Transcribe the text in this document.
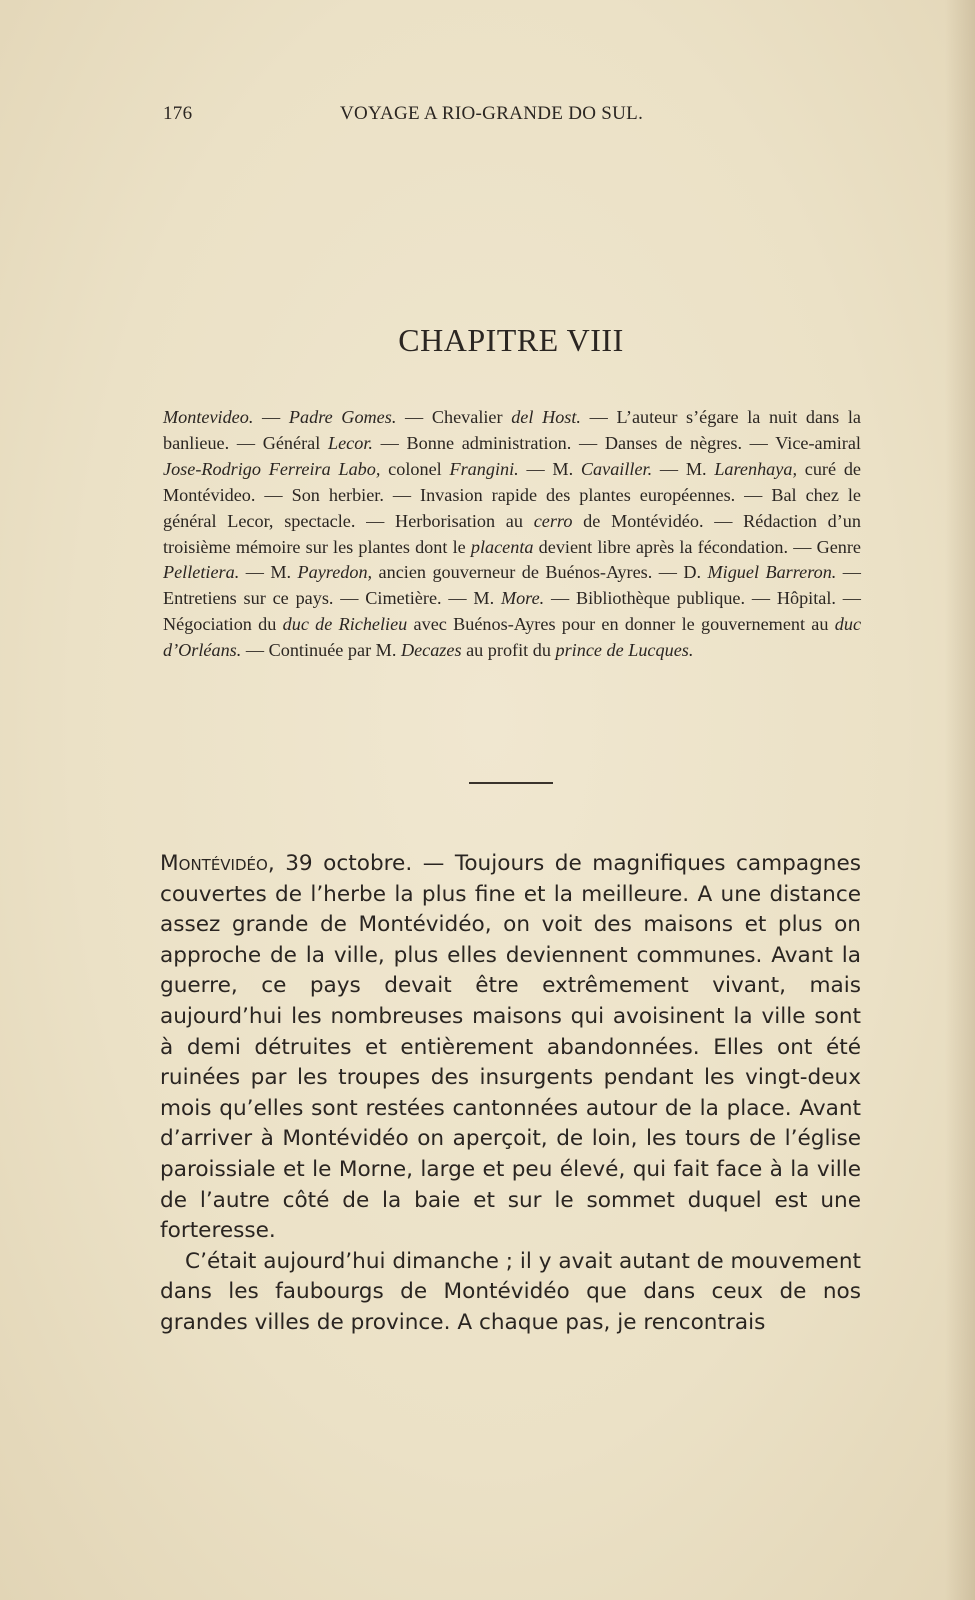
176	VOYAGE A RIO-GRANDE DO SUL.
CHAPITRE VIII

Montevideo. — Padre Gomes. — Chevalier del Host. — L’auteur s’égare la nuit dans la banlieue. — Général Lecor. — Bonne administration. — Danses de nègres. — Vice-amiral Jose-Rodrigo Ferreira Labo, colonel Frangini. — M. Cavailler. — M. Larenhaya, curé de Montévideo. — Son herbier. — Invasion rapide des plantes européennes. — Bal chez le général Lecor, spectacle. — Herborisation au cerro de Montévidéo. — Rédaction d’un troisième mémoire sur les plantes dont le placenta devient libre après la fécondation. — Genre Pelletiera. — M. Payredon, ancien gouverneur de Buénos-Ayres. — D. Miguel Barreron. — Entretiens sur ce pays. — Cimetière. — M. More. — Bibliothèque publique. — Hôpital. — Négociation du duc de Richelieu avec Buénos-Ayres pour en donner le gouvernement au duc d’Orléans. — Continuée par M. Decazes au profit du prince de Lucques.

Montévidéo, 39 octobre. — Toujours de magnifiques campagnes couvertes de l’herbe la plus fine et la meilleure. A une distance assez grande de Montévidéo, on voit des maisons et plus on approche de la ville, plus elles deviennent communes. Avant la guerre, ce pays devait être extrêmement vivant, mais aujourd’hui les nombreuses maisons qui avoisinent la ville sont à demi détruites et entièrement abandonnées. Elles ont été ruinées par les troupes des insurgents pendant les vingt-deux mois qu’elles sont restées cantonnées autour de la place. Avant d’arriver à Montévidéo on aperçoit, de loin, les tours de l’église paroissiale et le Morne, large et peu élevé, qui fait face à la ville de l’autre côté de la baie et sur le sommet duquel est une forteresse.

C’était aujourd’hui dimanche ; il y avait autant de mouvement dans les faubourgs de Montévidéo que dans ceux de nos grandes villes de province. A chaque pas, je rencontrais
